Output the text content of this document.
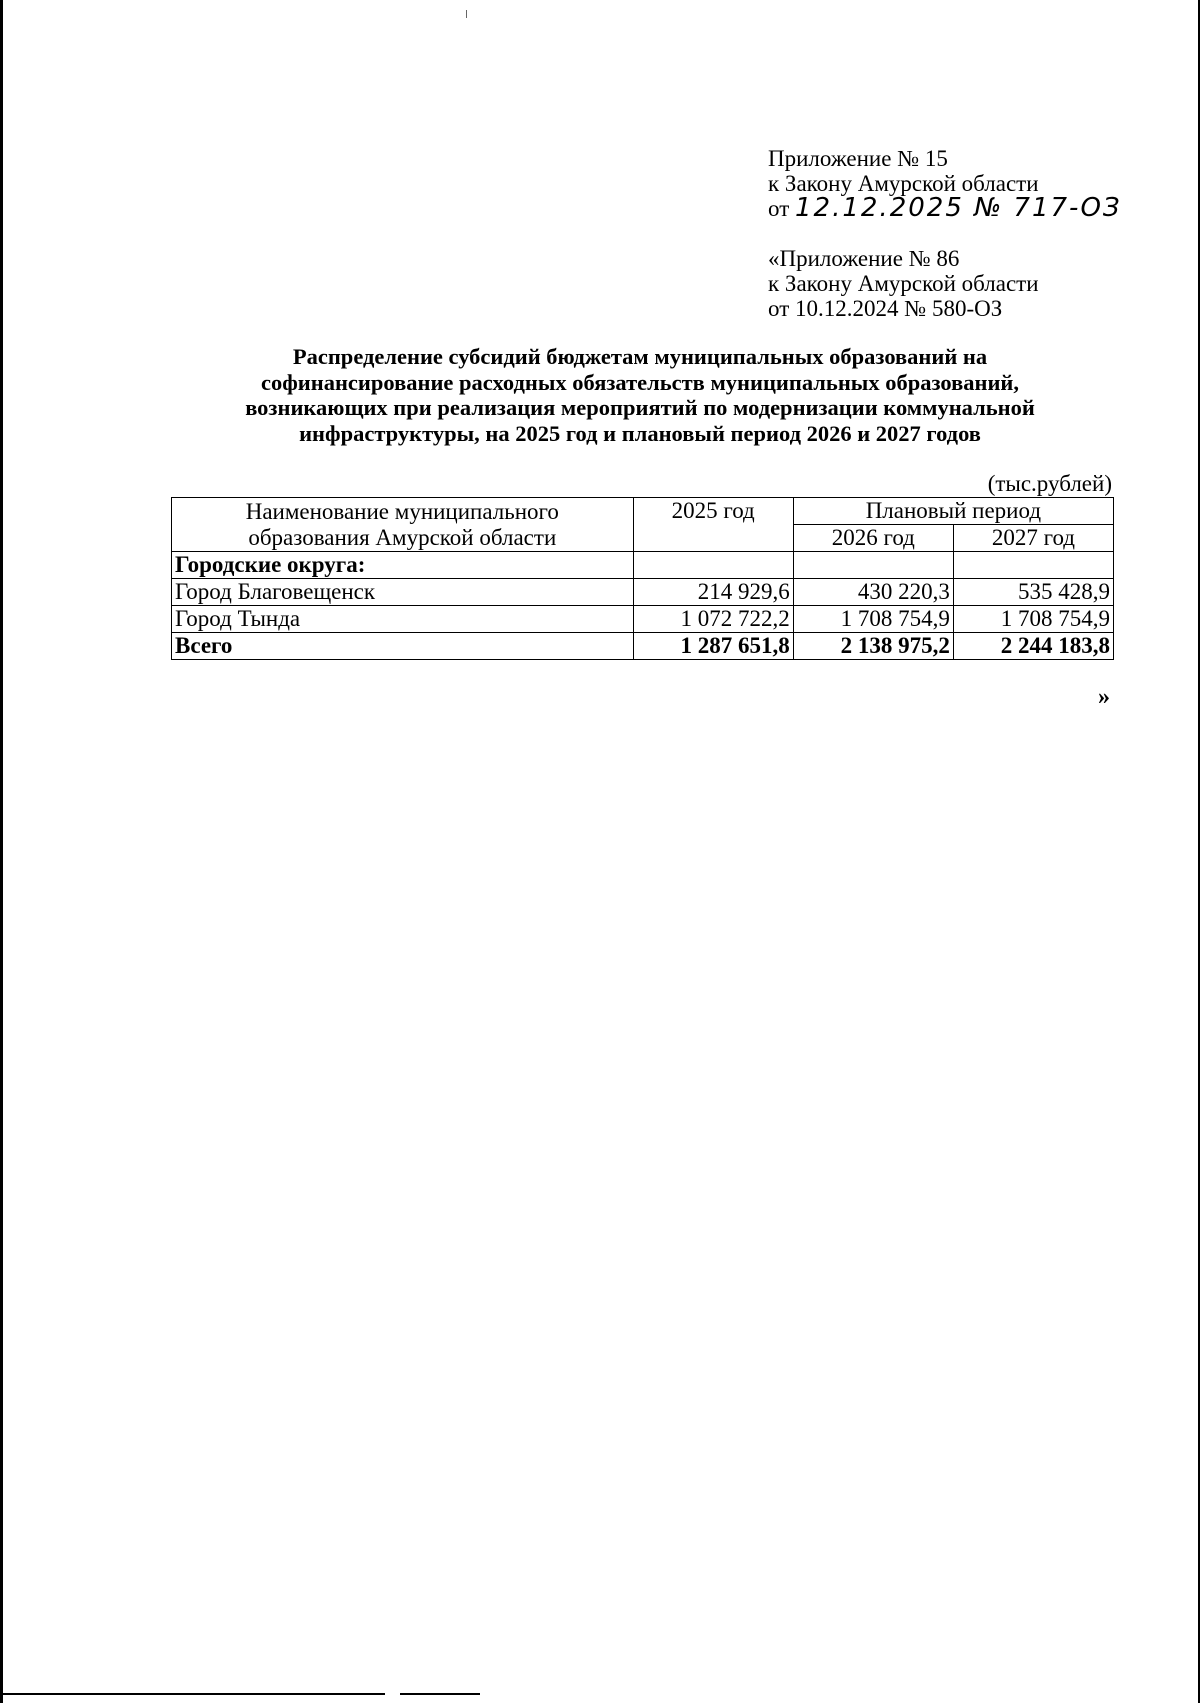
Приложение № 15
к Закону Амурской области
от 12.12.2025 № 717-ОЗ
«Приложение № 86
к Закону Амурской области
от 10.12.2024 № 580-ОЗ
Распределение субсидий бюджетам муниципальных образований на
софинансирование расходных обязательств муниципальных образований,
возникающих при реализация мероприятий по модернизации коммунальной
инфраструктуры, на 2025 год и плановый период 2026 и 2027 годов
(тыс.рублей)
Наименование муниципального
образования Амурской области	2025 год	Плановый период	
		2026 год	2027 год
Городские округа:			
Город Благовещенск	214 929,6	430 220,3	535 428,9
Город Тында	1 072 722,2	1 708 754,9	1 708 754,9
Всего	1 287 651,8	2 138 975,2	2 244 183,8
»
